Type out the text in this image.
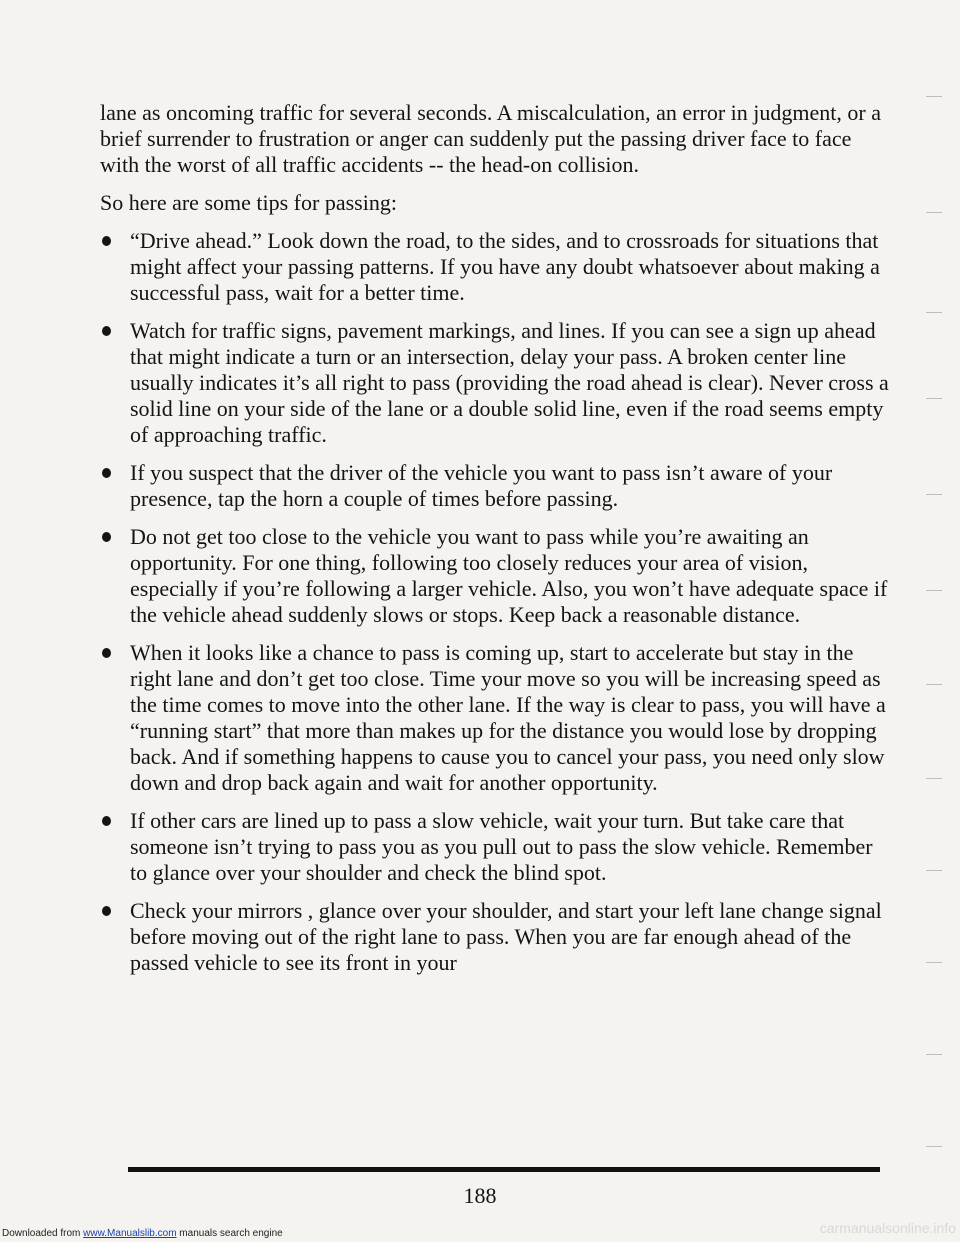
lane as oncoming traffic for several seconds. A miscalculation, an error in judgment, or a brief surrender to frustration or anger can suddenly put the passing driver face to face with the worst of all traffic accidents -- the head-on collision.

So here are some tips for passing:

“Drive ahead.” Look down the road, to the sides, and to crossroads for situations that might affect your passing patterns. If you have any doubt whatsoever about making a successful pass, wait for a better time.
Watch for traffic signs, pavement markings, and lines. If you can see a sign up ahead that might indicate a turn or an intersection, delay your pass. A broken center line usually indicates it’s all right to pass (providing the road ahead is clear). Never cross a solid line on your side of the lane or a double solid line, even if the road seems empty of approaching traffic.
If you suspect that the driver of the vehicle you want to pass isn’t aware of your presence, tap the horn a couple of times before passing.
Do not get too close to the vehicle you want to pass while you’re awaiting an opportunity. For one thing, following too closely reduces your area of vision, especially if you’re following a larger vehicle. Also, you won’t have adequate space if the vehicle ahead suddenly slows or stops. Keep back a reasonable distance.
When it looks like a chance to pass is coming up, start to accelerate but stay in the right lane and don’t get too close. Time your move so you will be increasing speed as the time comes to move into the other lane. If the way is clear to pass, you will have a “running start” that more than makes up for the distance you would lose by dropping back. And if something happens to cause you to cancel your pass, you need only slow down and drop back again and wait for another opportunity.
If other cars are lined up to pass a slow vehicle, wait your turn. But take care that someone isn’t trying to pass you as you pull out to pass the slow vehicle. Remember to glance over your shoulder and check the blind spot.
Check your mirrors , glance over your shoulder, and start your left lane change signal before moving out of the right lane to pass. When you are far enough ahead of the passed vehicle to see its front in your
188
Downloaded from www.Manualslib.com manuals search engine	carmanualsonline.info
